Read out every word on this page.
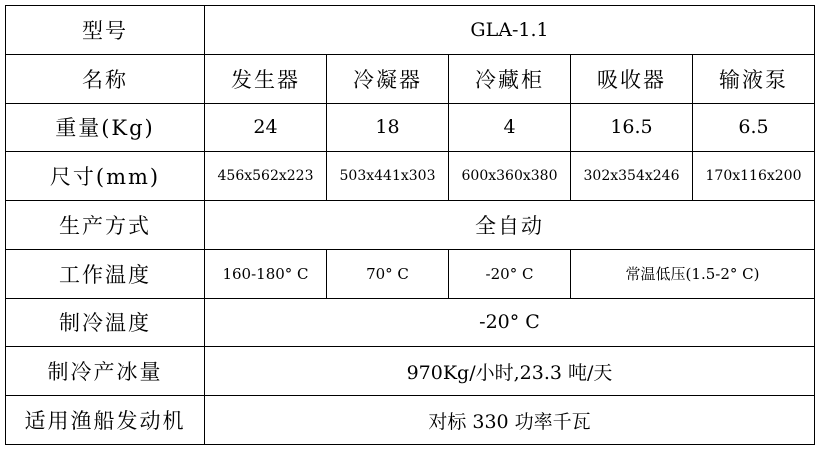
型号	GLA-1.1				
名称	发生器	冷凝器	冷藏柜	吸收器	输液泵
重量(Kg)	24	18	4	16.5	6.5
尺寸(mm)	456x562x223	503x441x303	600x360x380	302x354x246	170x116x200
生产方式	全自动				
工作温度	160-180° C	70° C	-20° C	常温低压(1.5-2° C)	
制冷温度	-20° C				
制冷产冰量	970Kg/小时,23.3 吨/天				
适用渔船发动机	对标 330 功率千瓦				
